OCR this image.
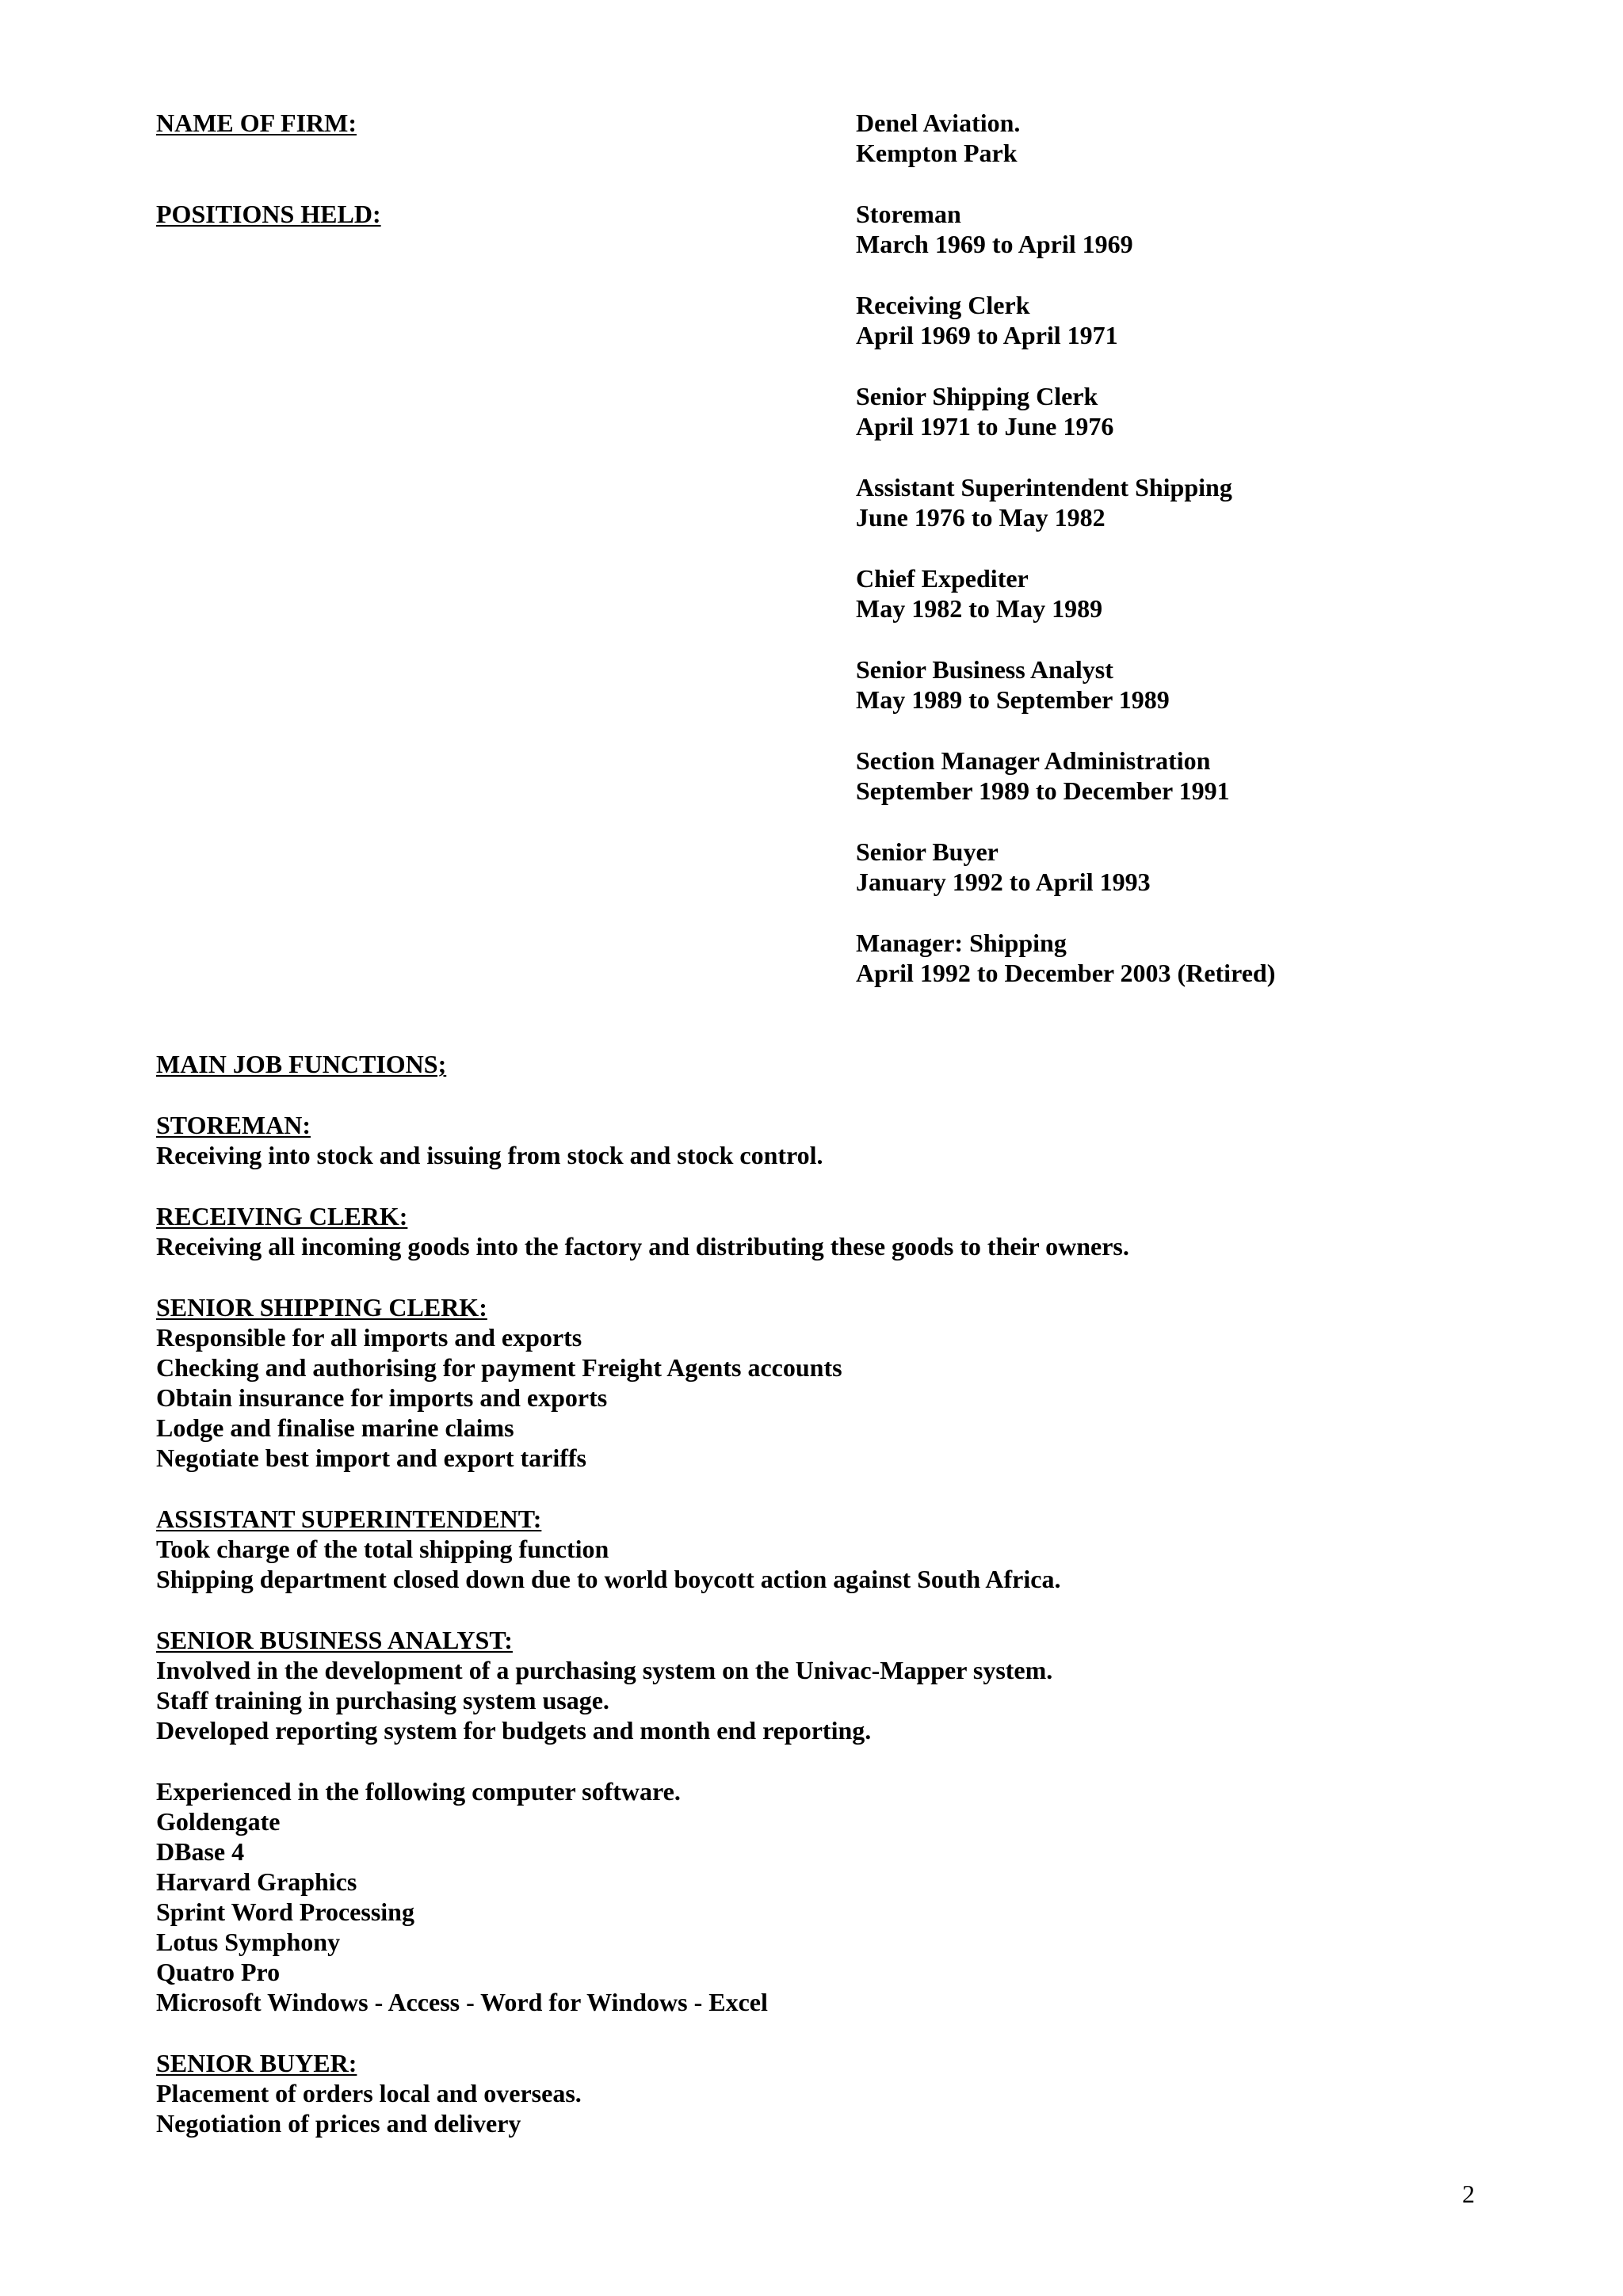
NAME OF FIRM:	Denel Aviation.
Kempton Park
POSITIONS HELD:	Storeman
March 1969 to April 1969
Receiving Clerk
April 1969 to April 1971
Senior Shipping Clerk
April 1971 to June 1976
Assistant Superintendent Shipping
June 1976 to May 1982
Chief Expediter
May 1982 to May 1989
Senior Business Analyst
May 1989 to September 1989
Section Manager Administration
September 1989 to December 1991
Senior Buyer
January 1992 to April 1993
Manager: Shipping
April 1992 to December 2003 (Retired)
MAIN JOB FUNCTIONS;
STOREMAN:
Receiving into stock and issuing from stock and stock control.
RECEIVING CLERK:
Receiving all incoming goods into the factory and distributing these goods to their owners.
SENIOR SHIPPING CLERK:
Responsible for all imports and exports
Checking and authorising for payment Freight Agents accounts
Obtain insurance for imports and exports
Lodge and finalise marine claims
Negotiate best import and export tariffs
ASSISTANT SUPERINTENDENT:
Took charge of the total shipping function
Shipping department closed down due to world boycott action against South Africa.
SENIOR BUSINESS ANALYST:
Involved in the development of a purchasing system on the Univac-Mapper system.
Staff training in purchasing system usage.
Developed reporting system for budgets and month end reporting.
Experienced in the following computer software.
Goldengate
DBase 4
Harvard Graphics
Sprint Word Processing
Lotus Symphony
Quatro Pro
Microsoft Windows - Access - Word for Windows - Excel
SENIOR BUYER:
Placement of orders local and overseas.
Negotiation of prices and delivery
2
